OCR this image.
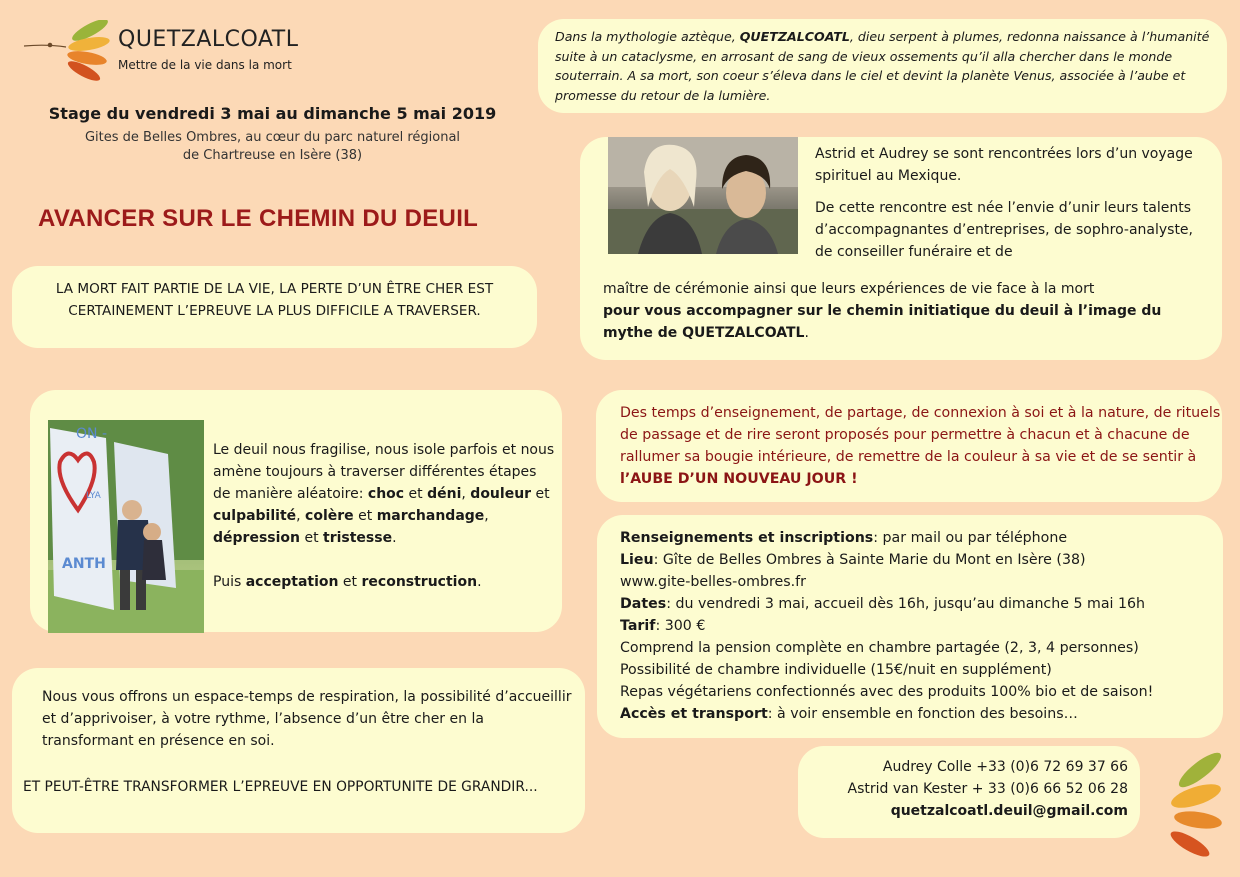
QUETZALCOATL
Mettre de la vie dans la mort
Stage du vendredi 3 mai au dimanche 5 mai 2019
Gites de Belles Ombres, au cœur du parc naturel régional
de Chartreuse en Isère (38)
AVANCER SUR LE CHEMIN DU DEUIL
Dans la mythologie aztèque, QUETZALCOATL, dieu serpent à plumes, redonna naissance à l’humanité suite à un cataclysme, en arrosant de sang de vieux ossements qu’il alla chercher dans le monde souterrain. A sa mort, son coeur s’éleva dans le ciel et devint la planète Venus, associée à l’aube et promesse du retour de la lumière.
LA MORT FAIT PARTIE DE LA VIE, LA PERTE D’UN ÊTRE CHER EST
CERTAINEMENT L’EPREUVE LA PLUS DIFFICILE A TRAVERSER.
Astrid et Audrey se sont rencontrées lors d’un voyage spirituel au Mexique.
De cette rencontre est née l’envie d’unir leurs talents d’accompagnantes d’entreprises, de sophro-analyste, de conseiller funéraire et de
maître de cérémonie ainsi que leurs expériences de vie face à la mort
pour vous accompagner sur le chemin initiatique du deuil à l’image du mythe de QUETZALCOATL.
ON -
LYA
ANTH
Le deuil nous fragilise, nous isole parfois et nous amène toujours à traverser différentes étapes de manière aléatoire: choc et déni, douleur et culpabilité, colère et marchandage, dépression et tristesse.
Puis acceptation et reconstruction.
Des temps d’enseignement, de partage, de connexion à soi et à la nature, de rituels de passage et de rire seront proposés pour permettre à chacun et à chacune de rallumer sa bougie intérieure, de remettre de la couleur à sa vie et de se sentir à l’AUBE D’UN NOUVEAU JOUR !
Renseignements et inscriptions: par mail ou par téléphone
Lieu: Gîte de Belles Ombres à Sainte Marie du Mont en Isère (38)
www.gite-belles-ombres.fr
Dates: du vendredi 3 mai, accueil dès 16h, jusqu’au dimanche 5 mai 16h
Tarif: 300 €
Comprend la pension complète en chambre partagée (2, 3, 4 personnes)
Possibilité de chambre individuelle (15€/nuit en supplément)
Repas végétariens confectionnés avec des produits 100% bio et de saison!
Accès et transport: à voir ensemble en fonction des besoins…
Nous vous offrons un espace-temps de respiration, la possibilité d’accueillir et d’apprivoiser, à votre rythme, l’absence d’un être cher en la transformant en présence en soi.
ET PEUT-ÊTRE TRANSFORMER L’EPREUVE EN OPPORTUNITE DE GRANDIR...
Audrey Colle +33 (0)6 72 69 37 66
Astrid van Kester + 33 (0)6 66 52 06 28
quetzalcoatl.deuil@gmail.com
